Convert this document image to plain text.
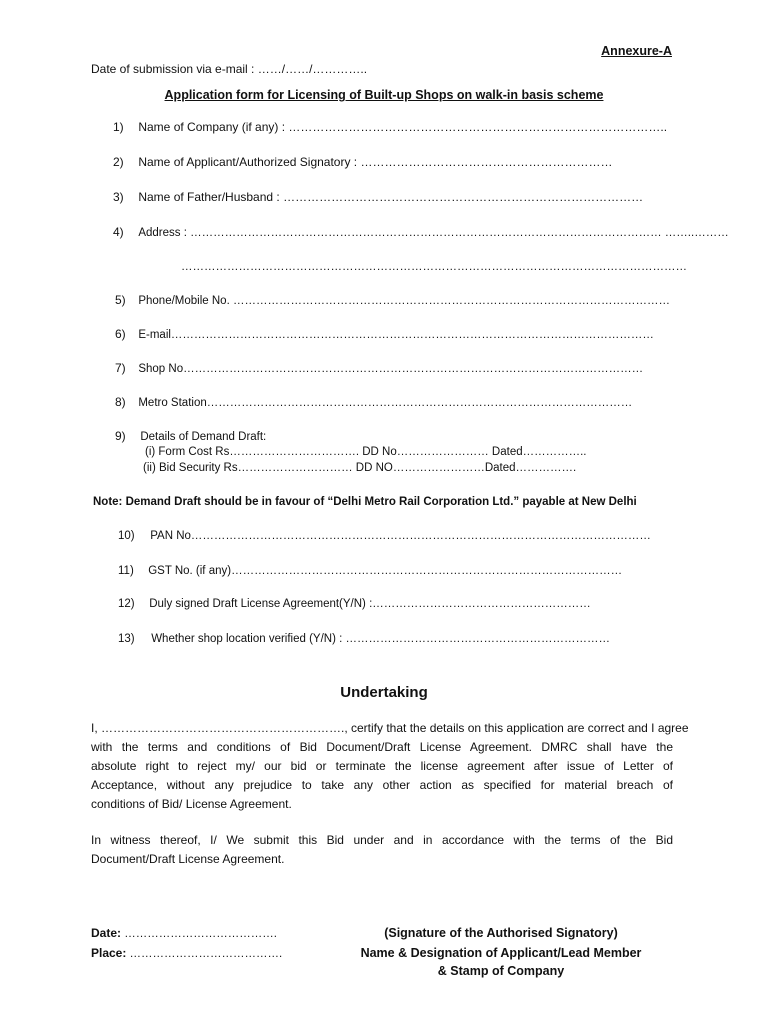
Annexure-A
Date of submission via e-mail : ……/……/…………..
Application form for Licensing of Built-up Shops on walk-in basis scheme
1) Name of Company (if any) : …………………………………………………………………………………..
2) Name of Applicant/Authorized Signatory : ………………………………………………………
3) Name of Father/Husband : ………………………………………………………………………………
4) Address : …………………………………………………………………………………………………………… ……..………
……………………………………………………………………………………………………………………
5) Phone/Mobile No. ……………………………………………………………………………………………………
6) E-mail………………………………………………………………………………………………………………
7) Shop No…………………………………………………………………………………………………………
8) Metro Station…………………………………………………………………………………………………
9) Details of Demand Draft:
(i) Form Cost Rs……………………………. DD No…………………… Dated……………..
(ii) Bid Security Rs………………………… DD NO……………………Dated…………….
Note: Demand Draft should be in favour of “Delhi Metro Rail Corporation Ltd.” payable at New Delhi
10) PAN No…………………………………………………………………………………………………………
11) GST No. (if any)…………………………………………………………………………………………
12) Duly signed Draft License Agreement(Y/N) :…………………………………………………
13) Whether shop location verified (Y/N) : ……………………………………………………………
Undertaking
I, ……………………………………………………., certify that the details on this application are correct and I agree
with the terms and conditions of Bid Document/Draft License Agreement. DMRC shall have the
absolute right to reject my/ our bid or terminate the license agreement after issue of Letter of
Acceptance, without any prejudice to take any other action as specified for material breach of
conditions of Bid/ License Agreement.
In witness thereof, I/ We submit this Bid under and in accordance with the terms of the Bid
Document/Draft License Agreement.
Date: ………………………………….
Place: ………………………………….
(Signature of the Authorised Signatory)
Name & Designation of Applicant/Lead Member
& Stamp of Company
